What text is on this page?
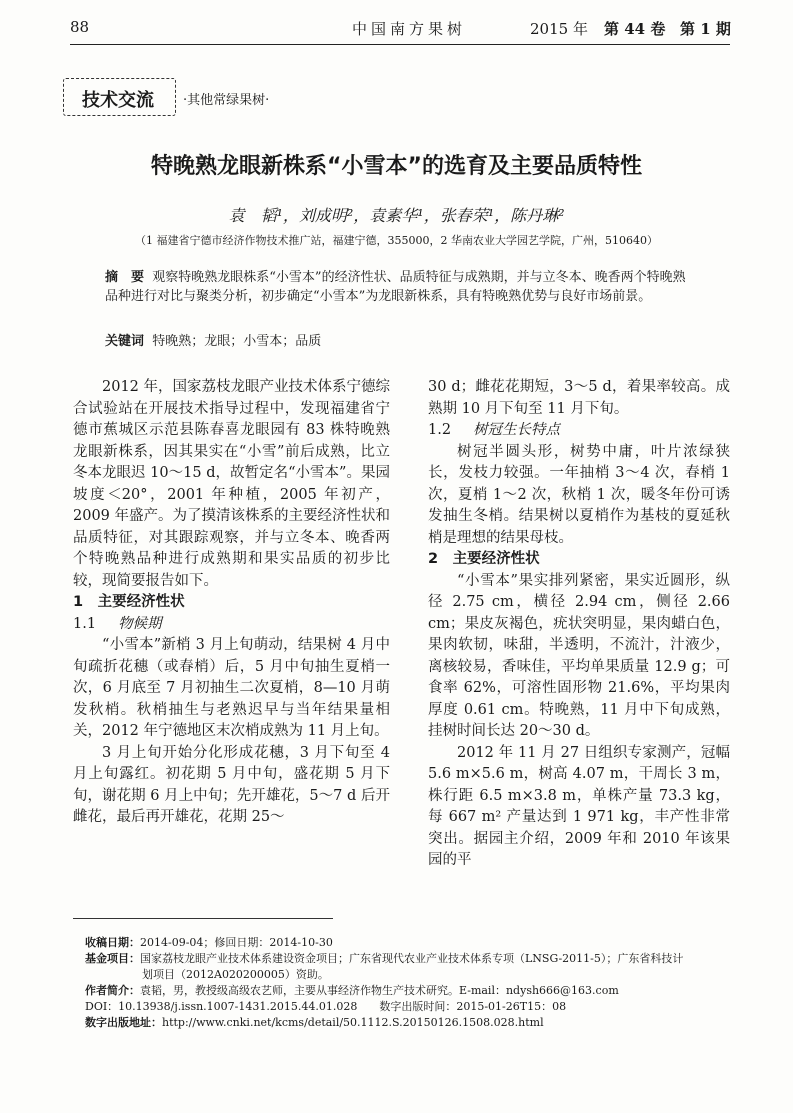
88	中国南方果树	2015 年 第 44 卷 第 1 期
技术交流 ·其他常绿果树·
特晚熟龙眼新株系“小雪本”的选育及主要品质特性
袁　韬¹，刘成明²，袁素华¹，张春荣¹，陈丹琳²
（1 福建省宁德市经济作物技术推广站，福建宁德，355000，2 华南农业大学园艺学院，广州，510640）
摘　要 观察特晚熟龙眼株系“小雪本”的经济性状、品质特征与成熟期，并与立冬本、晚香两个特晚熟品种进行对比与聚类分析，初步确定“小雪本”为龙眼新株系，具有特晚熟优势与良好市场前景。
关键词 特晚熟；龙眼；小雪本；品质

2012 年，国家荔枝龙眼产业技术体系宁德综合试验站在开展技术指导过程中，发现福建省宁德市蕉城区示范县陈春喜龙眼园有 83 株特晚熟龙眼新株系，因其果实在“小雪”前后成熟，比立冬本龙眼迟 10～15 d，故暂定名“小雪本”。果园坡度＜20°，2001 年种植，2005 年初产，2009 年盛产。为了摸清该株系的主要经济性状和品质特征，对其跟踪观察，并与立冬本、晚香两个特晚熟品种进行成熟期和果实品质的初步比较，现简要报告如下。

1　主要经济性状

1.1 物候期

“小雪本”新梢 3 月上旬萌动，结果树 4 月中旬疏折花穗（或春梢）后，5 月中旬抽生夏梢一次，6 月底至 7 月初抽生二次夏梢，8—10 月萌发秋梢。秋梢抽生与老熟迟早与当年结果量相关，2012 年宁德地区末次梢成熟为 11 月上旬。

3 月上旬开始分化形成花穗，3 月下旬至 4 月上旬露红。初花期 5 月中旬，盛花期 5 月下旬，谢花期 6 月上中旬；先开雄花，5～7 d 后开雌花，最后再开雄花，花期 25～

30 d；雌花花期短，3～5 d，着果率较高。成熟期 10 月下旬至 11 月下旬。

1.2 树冠生长特点

树冠半圆头形，树势中庸，叶片浓绿狭长，发枝力较强。一年抽梢 3～4 次，春梢 1 次，夏梢 1～2 次，秋梢 1 次，暖冬年份可诱发抽生冬梢。结果树以夏梢作为基枝的夏延秋梢是理想的结果母枝。

2　主要经济性状

“小雪本”果实排列紧密，果实近圆形，纵径 2.75 cm，横径 2.94 cm，侧径 2.66 cm；果皮灰褐色，疣状突明显，果肉蜡白色，果肉软韧，味甜，半透明，不流汁，汁液少，离核较易，香味佳，平均单果质量 12.9 g；可食率 62%，可溶性固形物 21.6%，平均果肉厚度 0.61 cm。特晚熟，11 月中下旬成熟，挂树时间长达 20～30 d。

2012 年 11 月 27 日组织专家测产，冠幅 5.6 m×5.6 m，树高 4.07 m，干周长 3 m，株行距 6.5 m×3.8 m，单株产量 73.3 kg，每 667 m² 产量达到 1 971 kg，丰产性非常突出。据园主介绍，2009 年和 2010 年该果园的平

收稿日期：2014-09-04；修回日期：2014-10-30

基金项目：国家荔枝龙眼产业技术体系建设资金项目；广东省现代农业产业技术体系专项（LNSG-2011-5）；广东省科技计

划项目（2012A020200005）资助。

作者简介：袁韬，男，教授级高级农艺师，主要从事经济作物生产技术研究。E-mail：ndysh666@163.com

DOI：10.13938/j.issn.1007-1431.2015.44.01.028　　数字出版时间：2015-01-26T15：08

数字出版地址：http://www.cnki.net/kcms/detail/50.1112.S.20150126.1508.028.html
